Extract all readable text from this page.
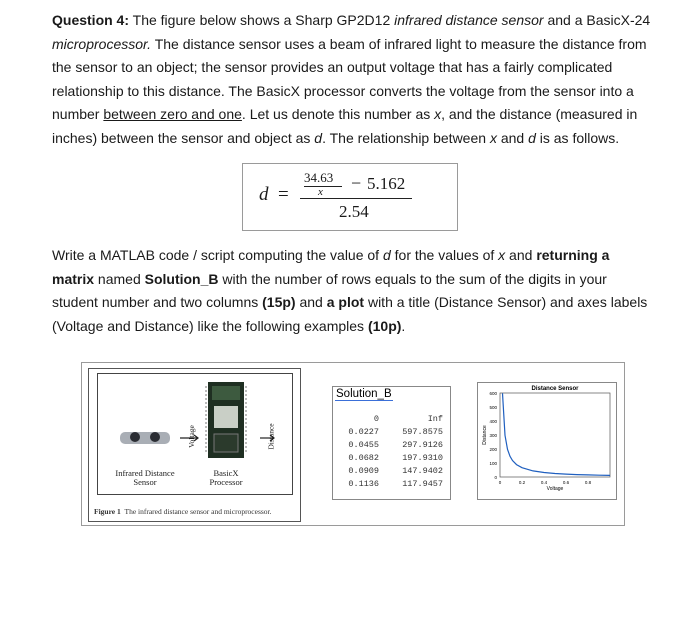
Question 4: The figure below shows a Sharp GP2D12 infrared distance sensor and a BasicX-24 microprocessor. The distance sensor uses a beam of infrared light to measure the distance from the sensor to an object; the sensor provides an output voltage that has a fairly complicated relationship to this distance. The BasicX processor converts the voltage from the sensor into a number between zero and one. Let us denote this number as x, and the distance (measured in inches) between the sensor and object as d. The relationship between x and d is as follows.

d =
34.63
x − 5.162
2.54

Write a MATLAB code / script computing the value of d for the values of x and returning a matrix named Solution_B with the number of rows equals to the sum of the digits in your student number and two columns (15p) and a plot with a title (Distance Sensor) and axes labels (Voltage and Distance) like the following examples (10p).

Voltage	Distance
Infrared Distance
Sensor
BasicX
Processor
Figure 1 The infrared distance sensor and microprocessor.
Solution_B
0	Inf
0.0227	597.8575
0.0455	297.9126
0.0682	197.9310
0.0909	147.9402
0.1136	117.9457
Distance Sensor
0
100
200
300
400
500
600
0	0.2	0.4	0.6	0.8
Voltage
Distance
